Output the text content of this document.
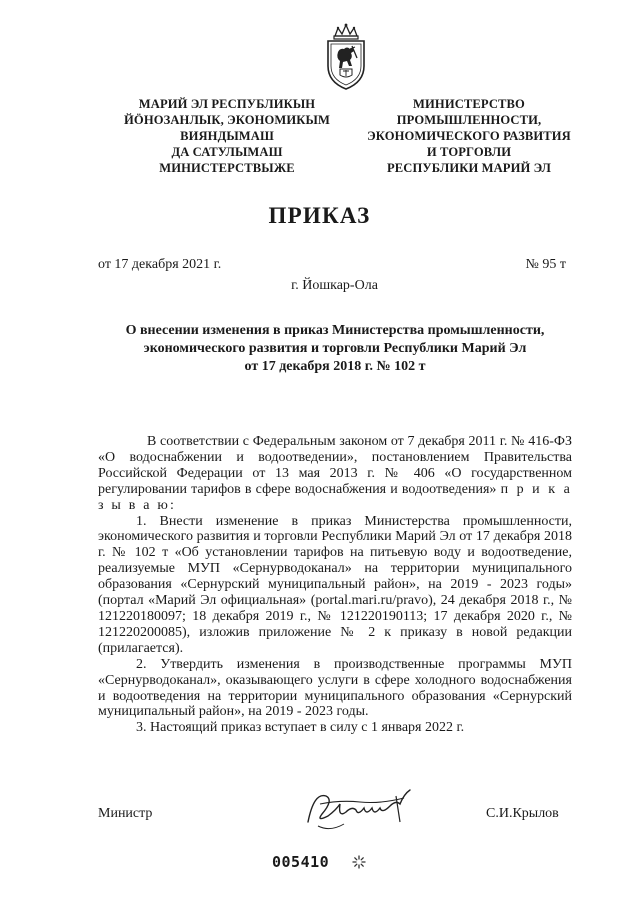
МАРИЙ ЭЛ РЕСПУБЛИКЫН
ЙÖНОЗАНЛЫК, ЭКОНОМИКЫМ
ВИЯНДЫМАШ
ДА САТУЛЫМАШ
МИНИСТЕРСТВЫЖЕ
МИНИСТЕРСТВО
ПРОМЫШЛЕННОСТИ,
ЭКОНОМИЧЕСКОГО РАЗВИТИЯ
И ТОРГОВЛИ
РЕСПУБЛИКИ МАРИЙ ЭЛ
ПРИКАЗ
от 17 декабря 2021 г.	№ 95 т
г. Йошкар-Ола
О внесении изменения в приказ Министерства промышленности,
экономического развития и торговли Республики Марий Эл
от 17 декабря 2018 г. № 102 т

В соответствии с Федеральным законом от 7 декабря 2011 г. № 416-ФЗ «О водоснабжении и водоотведении», постановлением Правительства Российской Федерации от 13 мая 2013 г. № 406 «О государственном регулировании тарифов в сфере водоснабжения и водоотведения» п р и к а з ы в а ю:

1. Внести изменение в приказ Министерства промышленности, экономического развития и торговли Республики Марий Эл от 17 декабря 2018 г. № 102 т «Об установлении тарифов на питьевую воду и водоотведение, реализуемые МУП «Сернурводоканал» на территории муниципального образования «Сернурский муниципальный район», на 2019 - 2023 годы» (портал «Марий Эл официальная» (portal.mari.ru/pravo), 24 декабря 2018 г., № 121220180097; 18 декабря 2019 г., № 121220190113; 17 декабря 2020 г., № 121220200085), изложив приложение № 2 к приказу в новой редакции (прилагается).

2. Утвердить изменения в производственные программы МУП «Сернурводоканал», оказывающего услуги в сфере холодного водоснабжения и водоотведения на территории муниципального образования «Сернурский муниципальный район», на 2019 - 2023 годы.

3. Настоящий приказ вступает в силу с 1 января 2022 г.

Министр	С.И.Крылов
005410
